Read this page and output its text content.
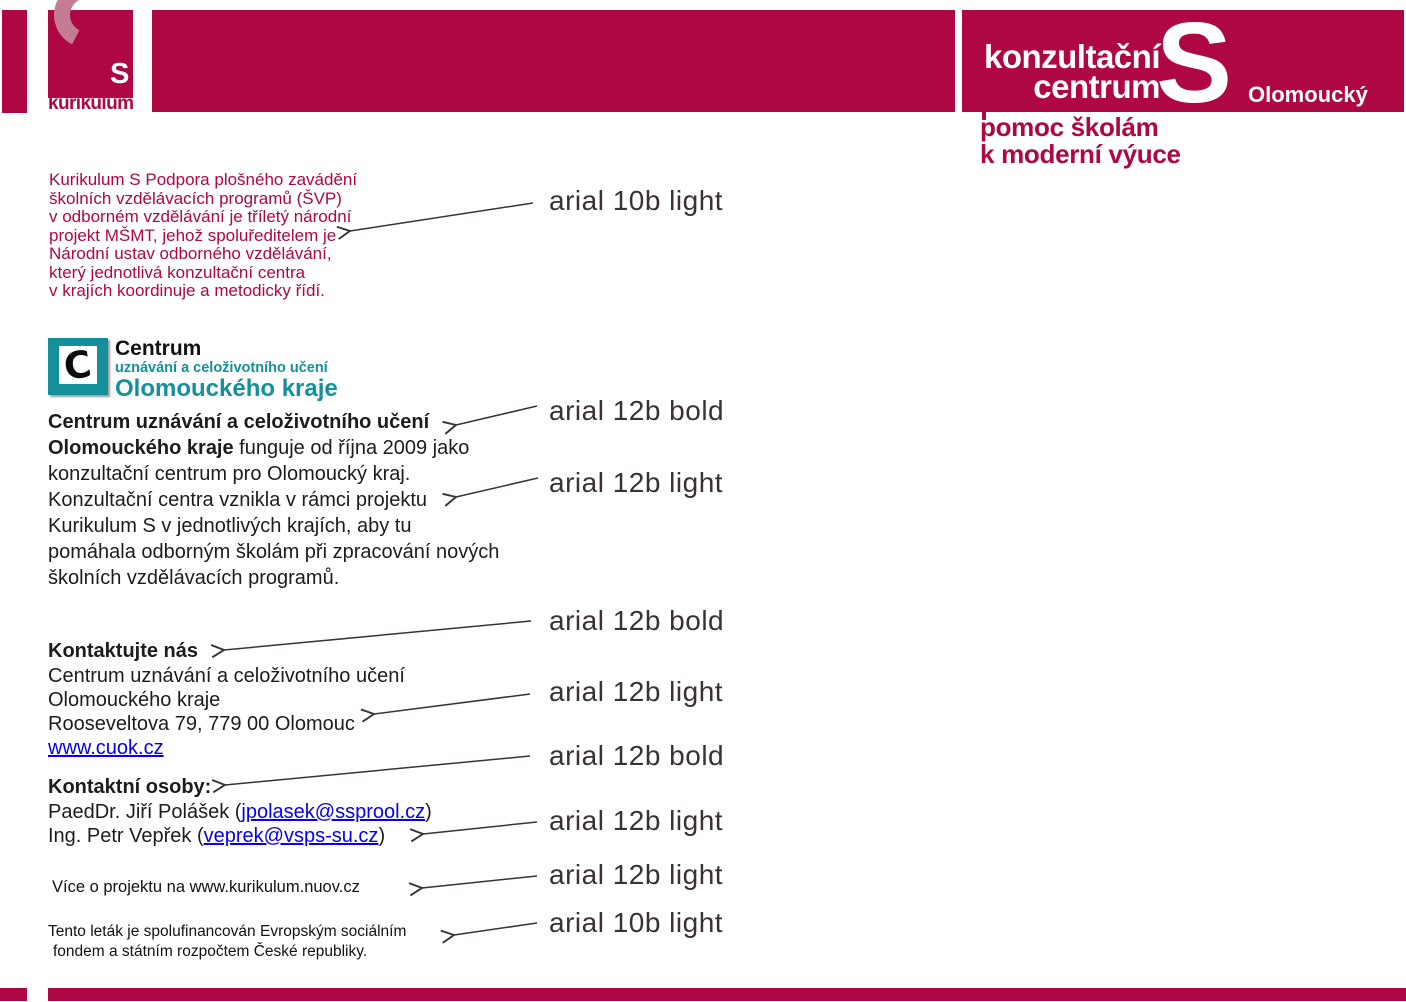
S
kurikulum
konzultační
centrum
S Olomoucký kraj
pomoc školám
k moderní výuce
Kurikulum S Podpora plošného zavádění
školních vzdělávacích programů (ŠVP)
v odborném vzdělávání je tříletý národní
projekt MŠMT, jehož spoluředitelem je
Národní ustav odborného vzdělávání,
který jednotlivá konzultační centra
v krajích koordinuje a metodicky řídí.
C Centrum
uznávání a celoživotního učení
Olomouckého kraje

Centrum uznávání a celoživotního učení Olomouckého kraje funguje od října 2009 jako konzultační centrum pro Olomoucký kraj. Konzultační centra vznikla v rámci projektu Kurikulum S v jednotlivých krajích, aby tu pomáhala odborným školám při zpracování nových školních vzdělávacích programů.

Kontaktujte nás
Centrum uznávání a celoživotního učení
Olomouckého kraje
Rooseveltova 79, 779 00 Olomouc
www.cuok.cz
Kontaktní osoby:
PaedDr. Jiří Polášek (jpolasek@ssprool.cz)
Ing. Petr Vepřek (veprek@vsps-su.cz)
Více o projektu na www.kurikulum.nuov.cz
Tento leták je spolufinancován Evropským sociálním
fondem a státním rozpočtem České republiky.
arial 10b light
arial 12b bold
arial 12b light
arial 12b bold
arial 12b light
arial 12b bold
arial 12b light
arial 12b light
arial 10b light
